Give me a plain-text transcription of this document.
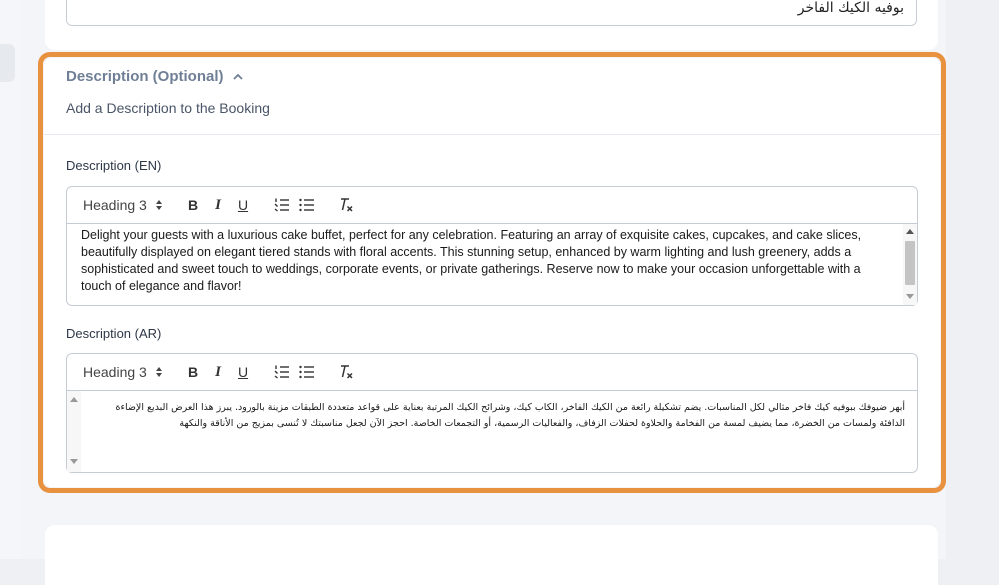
بوفيه الكيك الفاخر
Description (Optional)
Add a Description to the Booking
Description (EN)
Heading 3	B I U
Delight your guests with a luxurious cake buffet, perfect for any celebration. Featuring an array of exquisite cakes, cupcakes, and cake slices, beautifully displayed on elegant tiered stands with floral accents. This stunning setup, enhanced by warm lighting and lush greenery, adds a sophisticated and sweet touch to weddings, corporate events, or private gatherings. Reserve now to make your occasion unforgettable with a touch of elegance and flavor!
Description (AR)
Heading 3	B I U
أبهر ضيوفك ببوفيه كيك فاخر مثالي لكل المناسبات. يضم تشكيلة رائعة من الكيك الفاخر، الكاب كيك، وشرائح الكيك المرتبة بعناية على قواعد متعددة الطبقات مزينة بالورود. يبرز هذا العرض البديع الإضاءة الدافئة ولمسات من الخضرة، مما يضيف لمسة من الفخامة والحلاوة لحفلات الزفاف، والفعاليات الرسمية، أو التجمعات الخاصة. احجز الآن لجعل مناسبتك لا تُنسى بمزيج من الأناقة والنكهة
